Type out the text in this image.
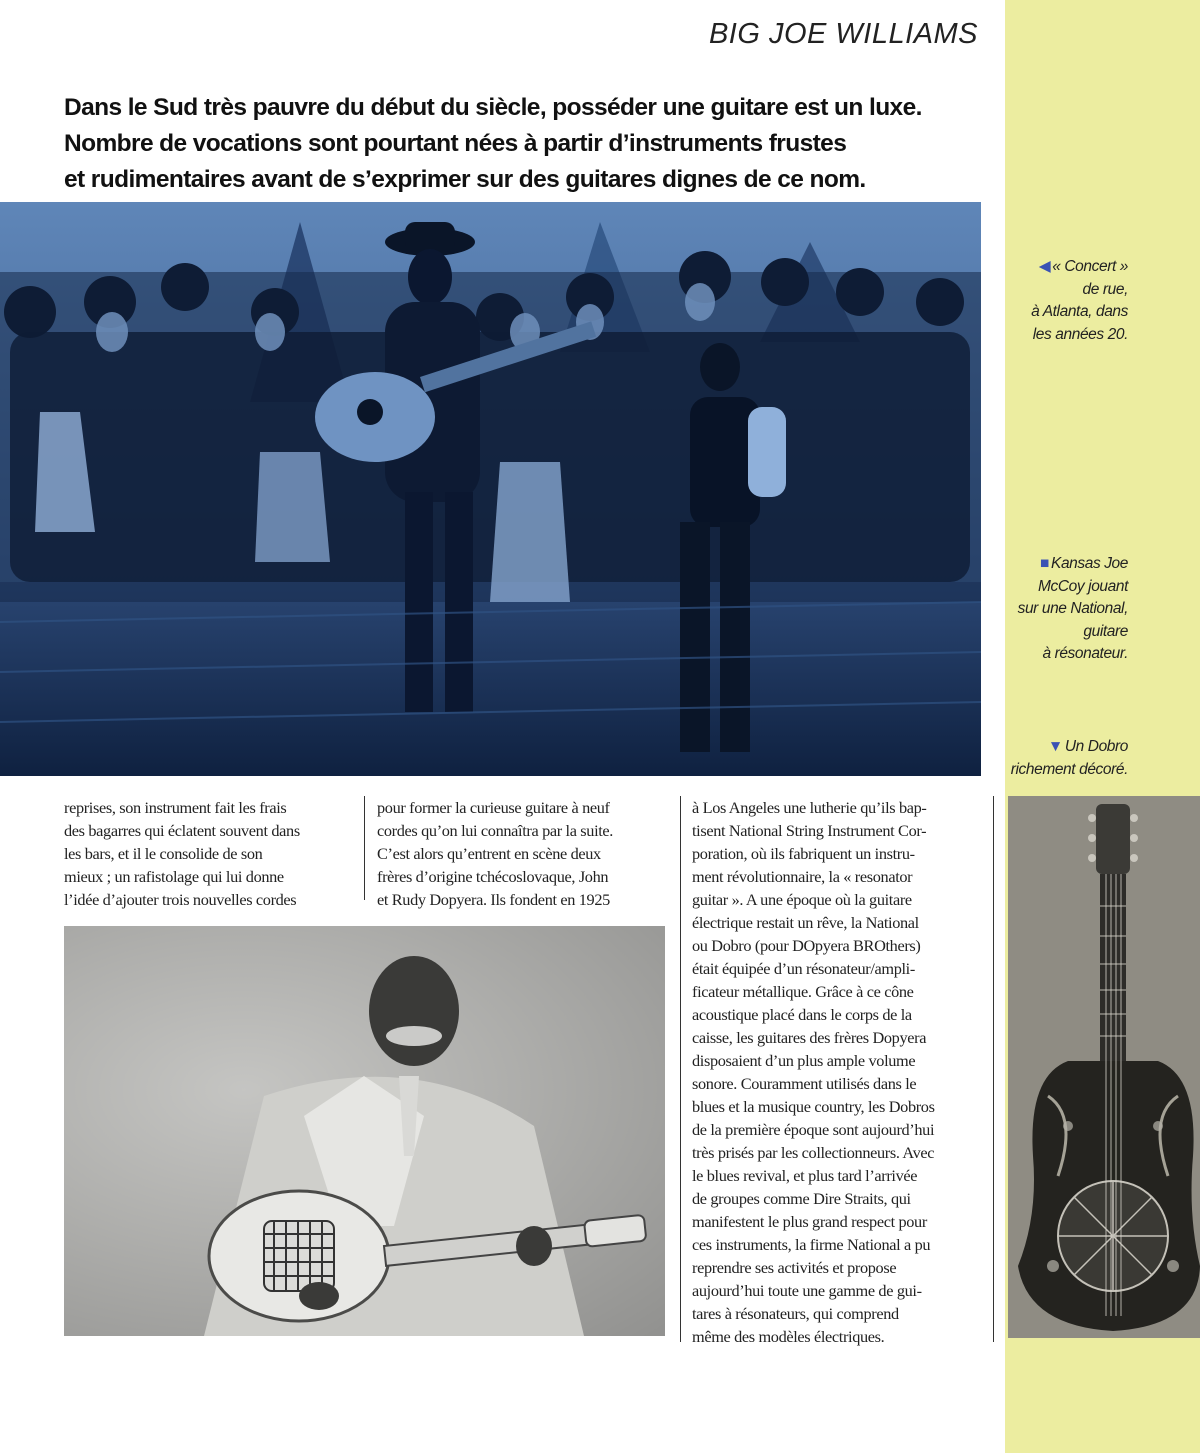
BIG JOE WILLIAMS
Dans le Sud très pauvre du début du siècle, posséder une guitare est un luxe.
Nombre de vocations sont pourtant nées à partir d’instruments frustes
et rudimentaires avant de s’exprimer sur des guitares dignes de ce nom.
◀ « Concert »
de rue,
à Atlanta, dans
les années 20.
■ Kansas Joe
McCoy jouant
sur une National,
guitare
à résonateur.
▼ Un Dobro
richement décoré.
reprises, son instrument fait les frais
des bagarres qui éclatent souvent dans
les bars, et il le consolide de son
mieux ; un rafistolage qui lui donne
l’idée d’ajouter trois nouvelles cordes
pour former la curieuse guitare à neuf
cordes qu’on lui connaîtra par la suite.
C’est alors qu’entrent en scène deux
frères d’origine tchécoslovaque, John
et Rudy Dopyera. Ils fondent en 1925
à Los Angeles une lutherie qu’ils bap-
tisent National String Instrument Cor-
poration, où ils fabriquent un instru-
ment révolutionnaire, la « resonator
guitar ». A une époque où la guitare
électrique restait un rêve, la National
ou Dobro (pour DOpyera BROthers)
était équipée d’un résonateur/ampli-
ficateur métallique. Grâce à ce cône
acoustique placé dans le corps de la
caisse, les guitares des frères Dopyera
disposaient d’un plus ample volume
sonore. Couramment utilisés dans le
blues et la musique country, les Dobros
de la première époque sont aujourd’hui
très prisés par les collectionneurs. Avec
le blues revival, et plus tard l’arrivée
de groupes comme Dire Straits, qui
manifestent le plus grand respect pour
ces instruments, la firme National a pu
reprendre ses activités et propose
aujourd’hui toute une gamme de gui-
tares à résonateurs, qui comprend
même des modèles électriques.
